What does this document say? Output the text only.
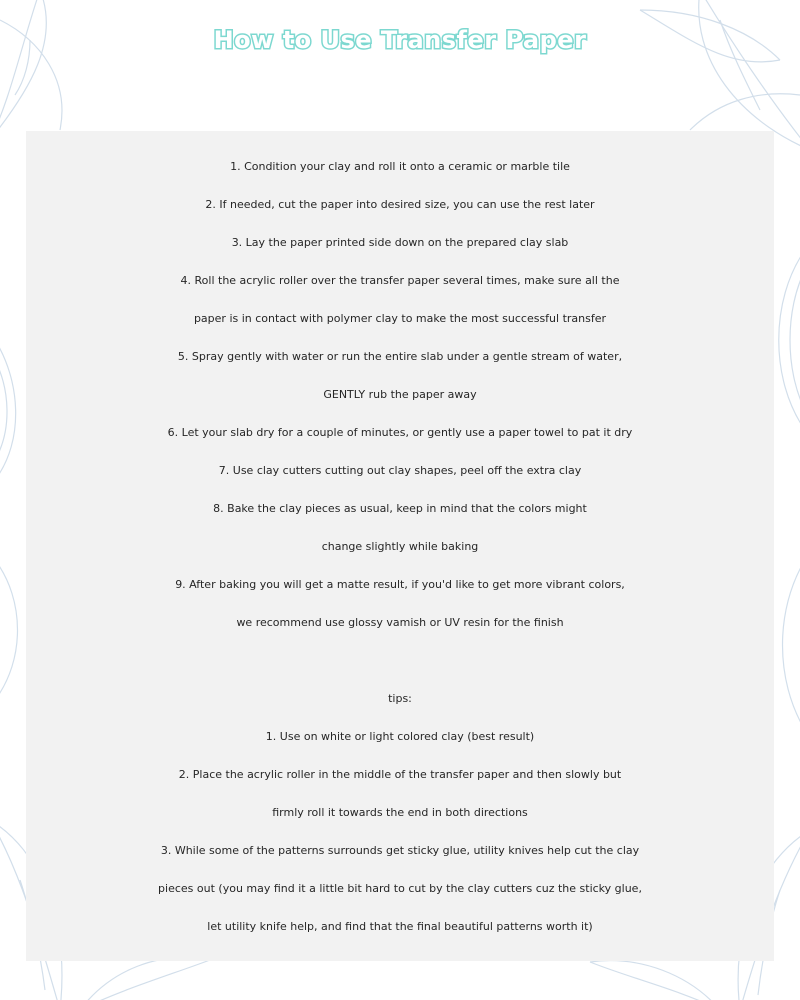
How to Use Transfer Paper
1. Condition your clay and roll it onto a ceramic or marble tile
2. If needed, cut the paper into desired size, you can use the rest later
3. Lay the paper printed side down on the prepared clay slab
4. Roll the acrylic roller over the transfer paper several times, make sure all the
paper is in contact with polymer clay to make the most successful transfer
5. Spray gently with water or run the entire slab under a gentle stream of water,
GENTLY rub the paper away
6. Let your slab dry for a couple of minutes, or gently use a paper towel to pat it dry
7. Use clay cutters cutting out clay shapes, peel off the extra clay
8. Bake the clay pieces as usual, keep in mind that the colors might
change slightly while baking
9. After baking you will get a matte result, if you'd like to get more vibrant colors,
we recommend use glossy vamish or UV resin for the finish
tips:
1. Use on white or light colored clay (best result)
2. Place the acrylic roller in the middle of the transfer paper and then slowly but
firmly roll it towards the end in both directions
3. While some of the patterns surrounds get sticky glue, utility knives help cut the clay
pieces out (you may find it a little bit hard to cut by the clay cutters cuz the sticky glue,
let utility knife help, and find that the final beautiful patterns worth it)
